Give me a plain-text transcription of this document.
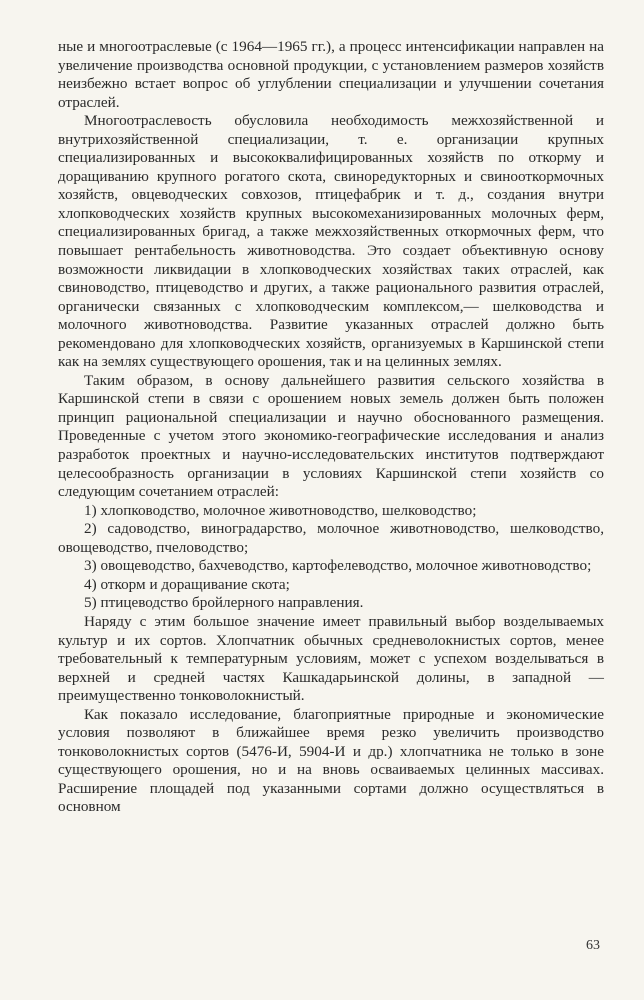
ные и многоотраслевые (с 1964—1965 гг.), а процесс интенсификации направлен на увеличение производства основной продукции, с установлением размеров хозяйств неизбежно встает вопрос об углублении специализации и улучшении сочетания отраслей.

Многоотраслевость обусловила необходимость межхозяйственной и внутрихозяйственной специализации, т. е. организации крупных специализированных и высококвалифицированных хозяйств по откорму и доращиванию крупного рогатого скота, свиноредукторных и свинооткормочных хозяйств, овцеводческих совхозов, птицефабрик и т. д., создания внутри хлопководческих хозяйств крупных высокомеханизированных молочных ферм, специализированных бригад, а также межхозяйственных откормочных ферм, что повышает рентабельность животноводства. Это создает объективную основу возможности ликвидации в хлопководческих хозяйствах таких отраслей, как свиноводство, птицеводство и других, а также рационального развития отраслей, органически связанных с хлопководческим комплексом,— шелководства и молочного животноводства. Развитие указанных отраслей должно быть рекомендовано для хлопководческих хозяйств, организуемых в Каршинской степи как на землях существующего орошения, так и на целинных землях.

Таким образом, в основу дальнейшего развития сельского хозяйства в Каршинской степи в связи с орошением новых земель должен быть положен принцип рациональной специализации и научно обоснованного размещения. Проведенные с учетом этого экономико-географические исследования и анализ разработок проектных и научно-исследовательских институтов подтверждают целесообразность организации в условиях Каршинской степи хозяйств со следующим сочетанием отраслей:

1) хлопководство, молочное животноводство, шелководство;

2) садоводство, виноградарство, молочное животноводство, шелководство, овощеводство, пчеловодство;

3) овощеводство, бахчеводство, картофелеводство, молочное животноводство;

4) откорм и доращивание скота;

5) птицеводство бройлерного направления.

Наряду с этим большое значение имеет правильный выбор возделываемых культур и их сортов. Хлопчатник обычных средневолокнистых сортов, менее требовательный к температурным условиям, может с успехом возделываться в верхней и средней частях Кашкадарьинской долины, в западной — преимущественно тонковолокнистый.

Как показало исследование, благоприятные природные и экономические условия позволяют в ближайшее время резко увеличить производство тонковолокнистых сортов (5476-И, 5904-И и др.) хлопчатника не только в зоне существующего орошения, но и на вновь осваиваемых целинных массивах. Расширение площадей под указанными сортами должно осуществляться в основном

63
